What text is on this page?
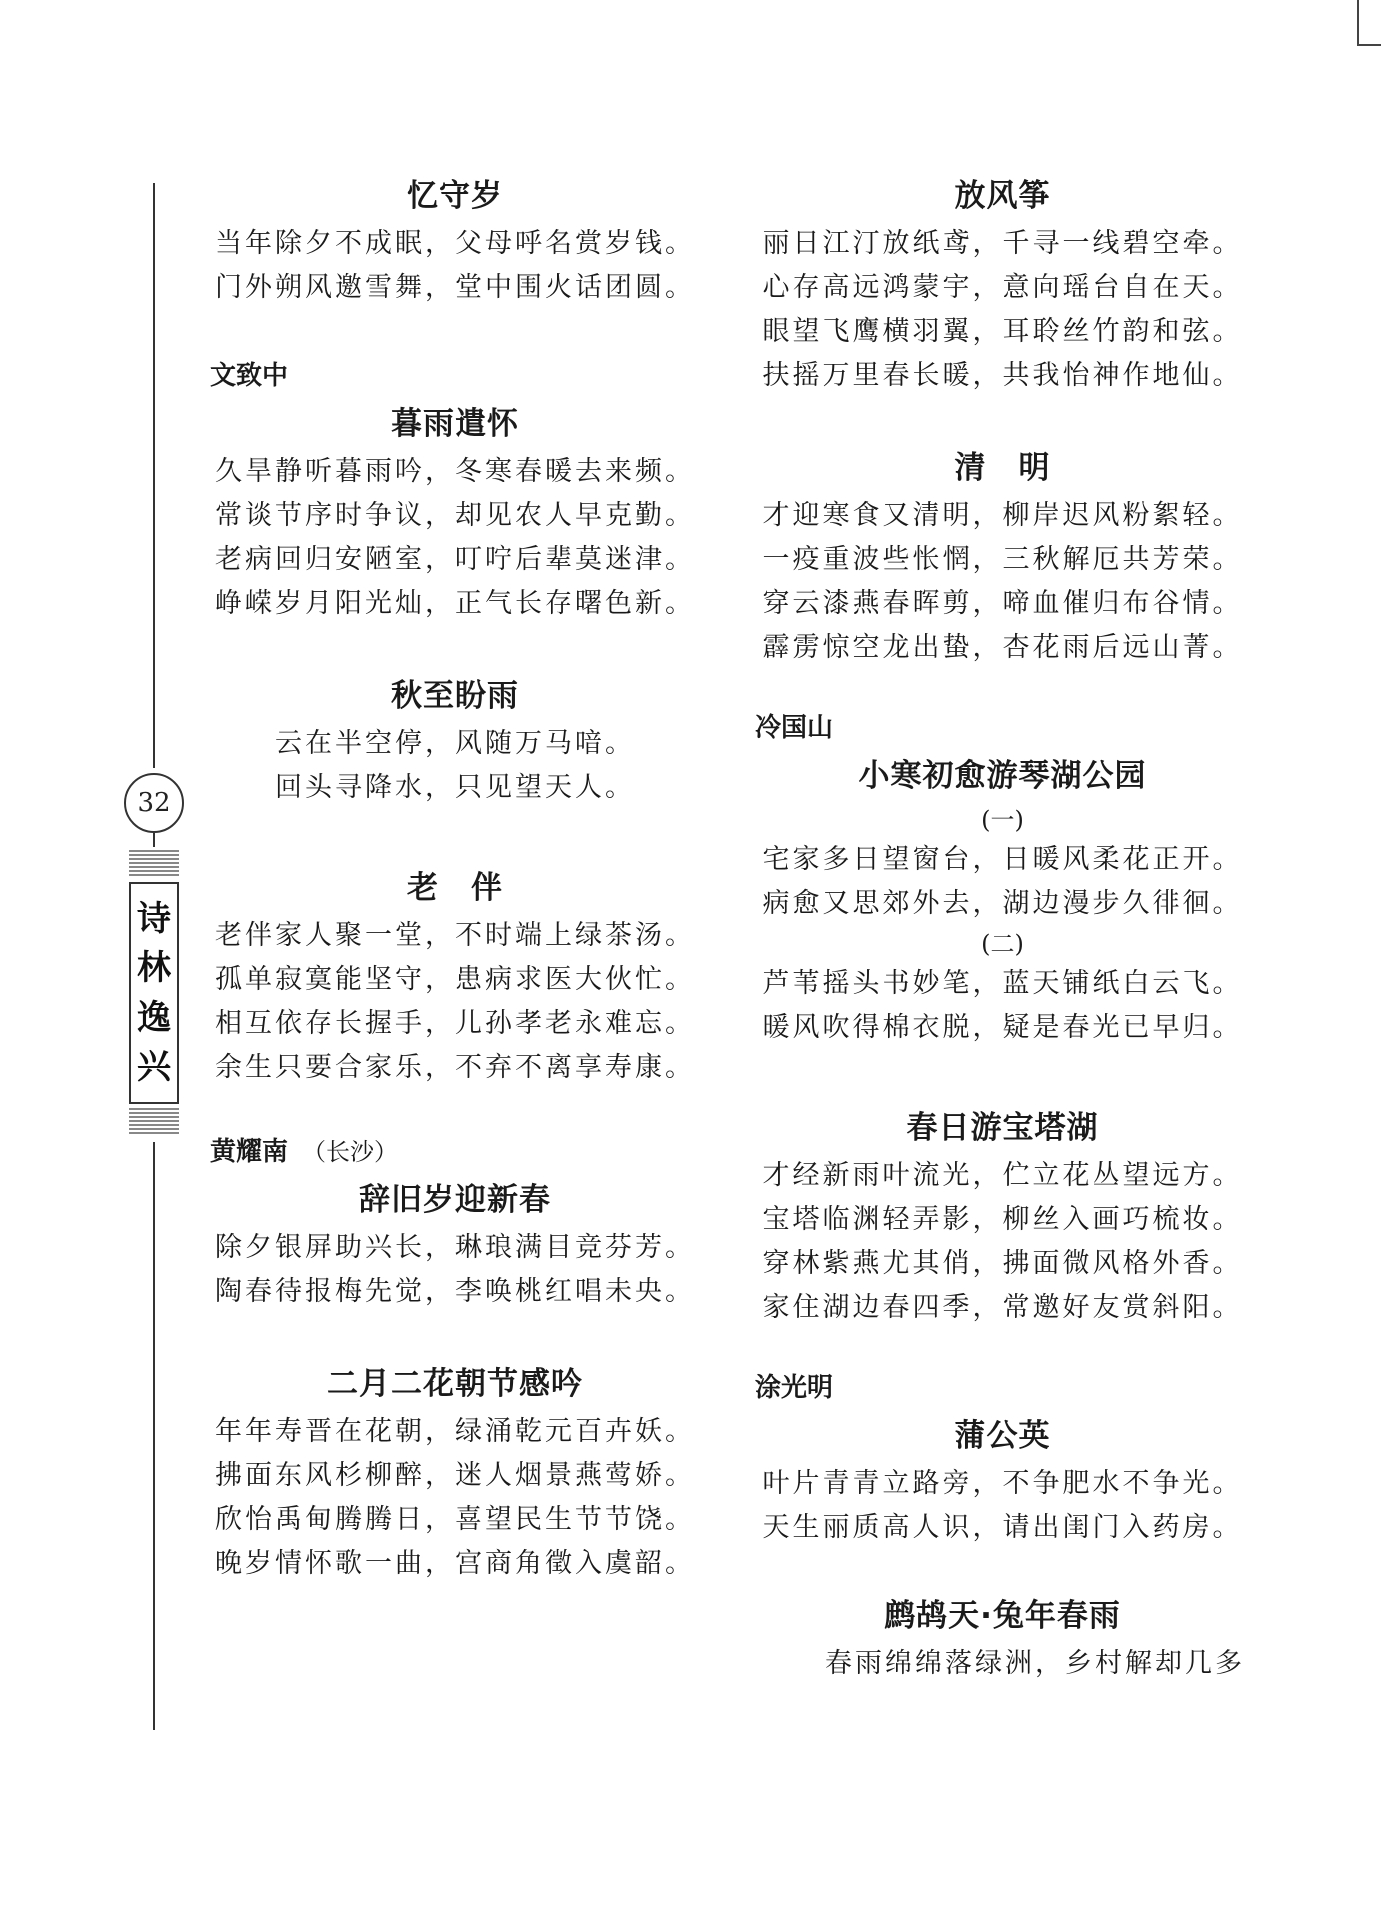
32
诗
林
逸
兴
忆守岁
当年除夕不成眠，父母呼名赏岁钱。
门外朔风邀雪舞，堂中围火话团圆。
文致中
暮雨遣怀
久旱静听暮雨吟，冬寒春暖去来频。
常谈节序时争议，却见农人早克勤。
老病回归安陋室，叮咛后辈莫迷津。
峥嵘岁月阳光灿，正气长存曙色新。
秋至盼雨
云在半空停，风随万马喑。
回头寻降水，只见望天人。
老　伴
老伴家人聚一堂，不时端上绿茶汤。
孤单寂寞能坚守，患病求医大伙忙。
相互依存长握手，儿孙孝老永难忘。
余生只要合家乐，不弃不离享寿康。
黄耀南 （长沙）
辞旧岁迎新春
除夕银屏助兴长，琳琅满目竞芬芳。
陶春待报梅先觉，李唤桃红唱未央。
二月二花朝节感吟
年年寿晋在花朝，绿涌乾元百卉妖。
拂面东风杉柳醉，迷人烟景燕莺娇。
欣怡禹甸腾腾日，喜望民生节节饶。
晚岁情怀歌一曲，宫商角徵入虞韶。
放风筝
丽日江汀放纸鸢，千寻一线碧空牵。
心存高远鸿蒙宇，意向瑶台自在天。
眼望飞鹰横羽翼，耳聆丝竹韵和弦。
扶摇万里春长暖，共我怡神作地仙。
清　明
才迎寒食又清明，柳岸迟风粉絮轻。
一疫重波些怅惘，三秋解厄共芳荣。
穿云漆燕春晖剪，啼血催归布谷情。
霹雳惊空龙出蛰，杏花雨后远山菁。
冷国山
小寒初愈游琴湖公园
(一)
宅家多日望窗台，日暖风柔花正开。
病愈又思郊外去，湖边漫步久徘徊。
(二)
芦苇摇头书妙笔，蓝天铺纸白云飞。
暖风吹得棉衣脱，疑是春光已早归。
春日游宝塔湖
才经新雨叶流光，伫立花丛望远方。
宝塔临渊轻弄影，柳丝入画巧梳妆。
穿林紫燕尤其俏，拂面微风格外香。
家住湖边春四季，常邀好友赏斜阳。
涂光明
蒲公英
叶片青青立路旁，不争肥水不争光。
天生丽质高人识，请出闺门入药房。
鹧鸪天·兔年春雨
春雨绵绵落绿洲，乡村解却几多
